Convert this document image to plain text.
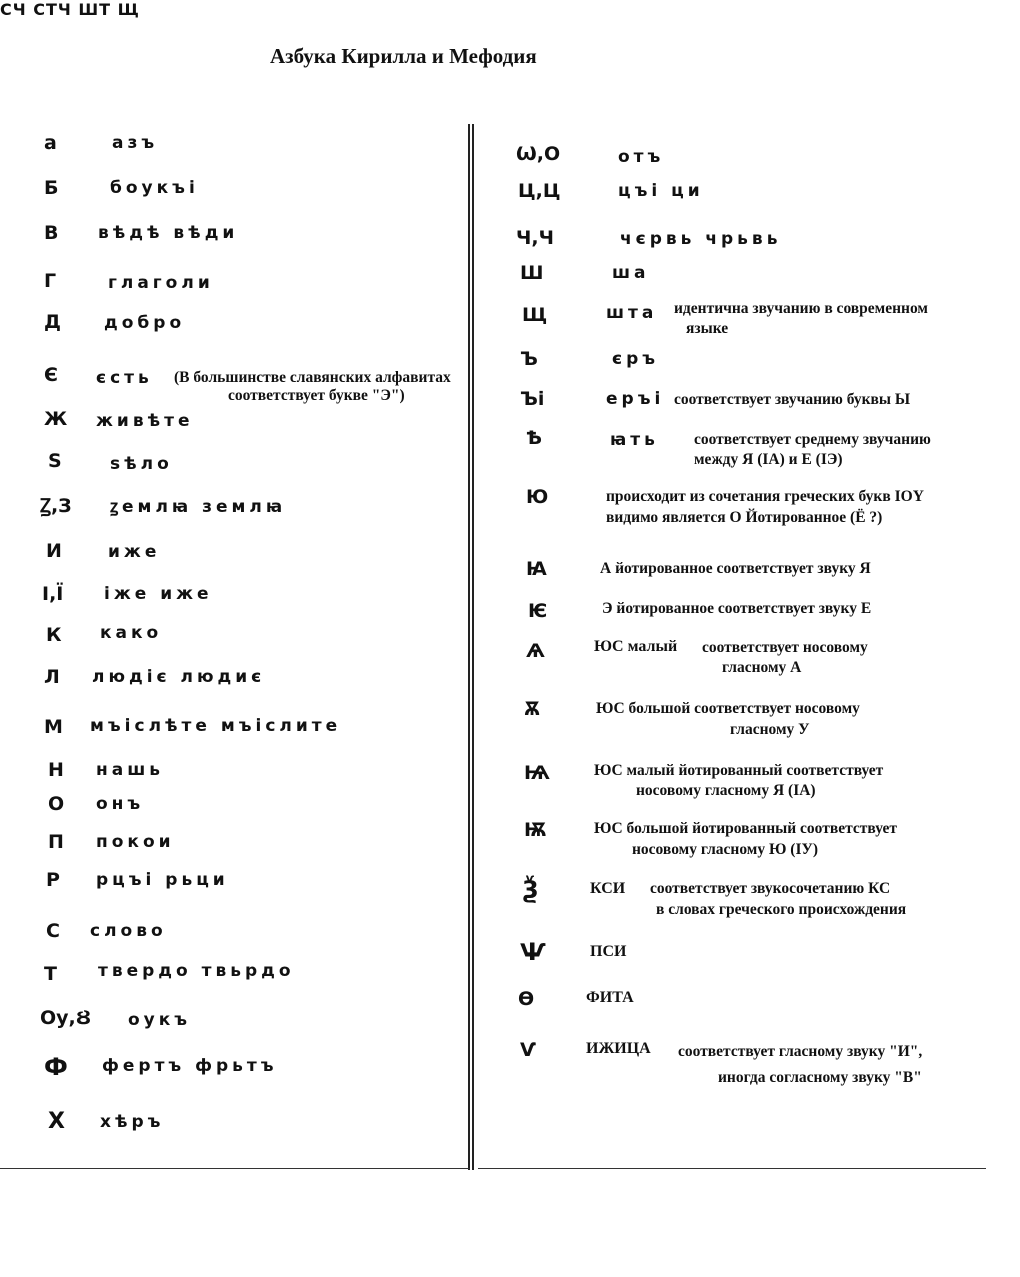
Азбука Кирилла и Мефодия
а	азъ
Б	боукъі
В вѣдѣ вѣди
Г	глаголи
Д	добро
Є єсть (В большинстве славянских алфавитах
соответствует букве "Э")
Ж живѣте
Ѕ	ѕѣло
Ꙁ,З ꙁемлꙗ землꙗ
И	иже
І,Ї іже иже
К како
Л людіє людиє
М мъіслѣте мъіслите
Н нашь
О онъ
П покои
Р рцъі рьци
С слово
Т твердо твьрдо
Оу,Ȣ оукъ
Ф фертъ фрьтъ
Х хѣръ
Ѡ,О	отъ
Ц,Ц	цъі ци
Ч,Ч	чєрвь чрьвь
Ш	ша
Щ	шта идентична звучанию в современном
языке
СЧ СТЧ ШТ Щ
Ъ	єръ
Ъі	еръі соответствует звучанию буквы Ы
Ѣ	ꙗть соответствует среднему звучанию
между Я (ІА) и Е (ІЭ)
Ю	происходит из сочетания греческих букв ІОΥ
видимо является О Йотированное (Ё ?)
Ꙗ	А йотированное соответствует звуку Я
Ѥ	Э йотированное соответствует звуку Е
Ѧ	ЮС малый соответствует носовому
гласному А
Ѫ	ЮС большой соответствует носовому
гласному У
Ѩ	ЮС малый йотированный соответствует
носовому гласному Я (ІА)
Ѭ	ЮС большой йотированный соответствует
носовому гласному Ю (ІУ)
Ѯ	КСИ соответствует звукосочетанию КС
в словах греческого происхождения
Ѱ	ПСИ
Ѳ	ФИТА
Ѵ	ИЖИЦА соответствует гласному звуку "И",
иногда согласному звуку "В"
